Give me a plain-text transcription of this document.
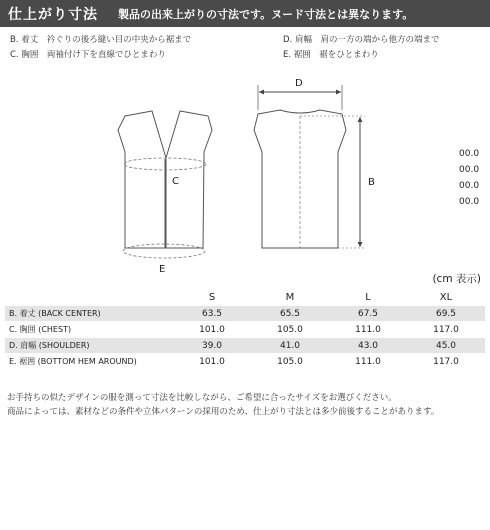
仕上がり寸法 製品の出来上がりの寸法です。ヌード寸法とは異なります。
B. 着丈　衿ぐりの後ろ縫い目の中央から裾まで
C. 胸囲　両袖付け下を直線でひとまわり
D. 肩幅　肩の一方の端から他方の端まで
E. 裾囲　裾をひとまわり
C
E
D
B
00.0
00.0
00.0
00.0
(cm 表示)
S	M	L	XL
B. 着丈 (BACK CENTER)	63.5	65.5	67.5	69.5
C. 胸囲 (CHEST)	101.0	105.0	111.0	117.0
D. 肩幅 (SHOULDER)	39.0	41.0	43.0	45.0
E. 裾囲 (BOTTOM HEM AROUND)	101.0	105.0	111.0	117.0
お手持ちの似たデザインの服を測って寸法を比較しながら、ご希望に合ったサイズをお選びください。
商品によっては、素材などの条件や立体パターンの採用のため、仕上がり寸法とは多少前後することがあります。
